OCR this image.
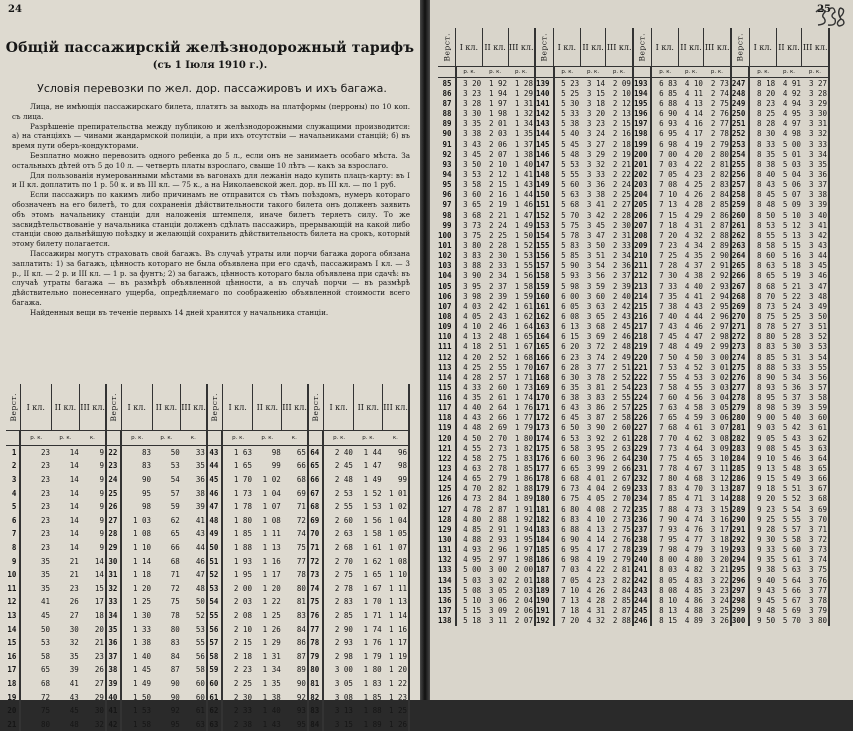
24
Общiй пассажирскiй желѣзнодорожный тарифъ
(съ 1 Iюля 1910 г.).
Условiя перевозки по жел. дор. пассажировъ и ихъ багажа.

Лица, не имѣющiя пассажирскаго билета, платятъ за выходъ на платформы (перроны) по 10 коп. съ лица.

Разрѣшенiе препирательства между публикою и желѣзнодорожными служащими производится: а) на станцiяхъ — чинами жандармской полицiи, а при ихъ отсутствiи — начальниками станцiй; б) въ время пути оберъ-кондукторами.

Безплатно можно перевозить одного ребенка до 5 л., если онъ не занимаетъ особаго мѣста. За остальныхъ дѣтей отъ 5 до 10 л. — четверть платы взрослаго, свыше 10 лѣтъ — какъ за взрослаго.

Для пользованiя нумерованными мѣстами въ вагонахъ для лежанiя надо купить плацъ-карту: въ I и II кл. доплатить по 1 р. 50 к. и въ III кл. — 75 к., а на Николаевской жел. дор. въ III кл. — по 1 руб.

Если пассажиръ по какимъ либо причинамъ не отправится съ тѣмъ поѣздомъ, нумеръ котораго обозначенъ на его билетѣ, то для сохраненiя дѣйствительности такого билета онъ долженъ заявить объ этомъ начальнику станцiи для наложенiя штемпеля, иначе билетъ теряетъ силу. То же засвидѣтельствованiе у начальника станцiи долженъ сдѣлать пассажиръ, прерывающiй на какой либо станцiи свою дальнѣйшую поѣздку и желающiй сохранить дѣйствительность билета на срокъ, который этому билету полагается.

Пассажиры могутъ страховать свой багажъ. Въ случаѣ утраты или порчи багажа дорога обязана заплатить: 1) за багажъ, цѣнность котораго не была объявлена при его сдачѣ, пассажирамъ I кл. — 3 р., II кл. — 2 р. и III кл. — 1 р. за фунтъ; 2) за багажъ, цѣнность котораго была объявлена при сдачѣ: въ случаѣ утраты багажа — въ размѣрѣ объявленной цѣнности, а въ случаѣ порчи — въ размѣрѣ дѣйствительно понесеннаго ущерба, опредѣляемаго по соображенiю объявленной стоимости всего багажа.

Найденныя вещи въ теченiе первыхъ 14 дней хранятся у начальника станцiи.

Верст.	I кл.	II кл.	III кл.	Верст.	I кл.	II кл.	III кл.	Верст.	I кл.	II кл.	III кл.	Верст.	I кл.	II кл.	III кл.
	р. к.	р. к.	к.		р. к.	р. к.	к.		р. к.	р. к.	к.		р. к.	р. к.	к.
1	23	14	9	22	83	50	33	43	1 63	98	65	64	2 40	1 44	96
2	23	14	9	23	83	53	35	44	1 65	99	66	65	2 45	1 47	98
3	23	14	9	24	90	54	36	45	1 70	1 02	68	66	2 48	1 49	99
4	23	14	9	25	95	57	38	46	1 73	1 04	69	67	2 53	1 52	1 01
5	23	14	9	26	98	59	39	47	1 78	1 07	71	68	2 55	1 53	1 02
6	23	14	9	27	1 03	62	41	48	1 80	1 08	72	69	2 60	1 56	1 04
7	23	14	9	28	1 08	65	43	49	1 85	1 11	74	70	2 63	1 58	1 05
8	23	14	9	29	1 10	66	44	50	1 88	1 13	75	71	2 68	1 61	1 07
9	35	21	14	30	1 14	68	46	51	1 93	1 16	77	72	2 70	1 62	1 08
10	35	21	14	31	1 18	71	47	52	1 95	1 17	78	73	2 75	1 65	1 10
11	35	23	15	32	1 20	72	48	53	2 00	1 20	80	74	2 78	1 67	1 11
12	41	26	17	33	1 25	75	50	54	2 03	1 22	81	75	2 83	1 70	1 13
13	45	27	18	34	1 30	78	52	55	2 08	1 25	83	76	2 85	1 71	1 14
14	50	30	20	35	1 33	80	53	56	2 10	1 26	84	77	2 90	1 74	1 16
15	53	32	21	36	1 38	83	55	57	2 15	1 29	86	78	2 93	1 76	1 17
16	58	35	23	37	1 40	84	56	58	2 18	1 31	87	79	2 98	1 79	1 19
17	65	39	26	38	1 45	87	58	59	2 23	1 34	89	80	3 00	1 80	1 20
18	68	41	27	39	1 49	90	60	60	2 25	1 35	90	81	3 05	1 83	1 22
19	72	43	29	40	1 50	90	60	61	2 30	1 38	92	82	3 08	1 85	1 23
20	75	45	30	41	1 53	92	61	62	2 33	1 40	93	83	3 13	1 88	1 25
21	80	48	32	42	1 58	95	63	63	2 38	1 43	95	84	3 15	1 89	1 26
25
Верст.	I кл.	II кл.	III кл.	Верст.	I кл.	II кл.	III кл.	Верст.	I кл.	II кл.	III кл.	Верст.	I кл.	II кл.	III кл.
	р. к.	р. к.	р. к.		р. к.	р. к.	р. к.		р. к.	р. к.	р. к.		р. к.	р. к.	р. к.
85	3 20	1 92	1 28	139	5 23	3 14	2 09	193	6 83	4 10	2 73	247	8 18	4 91	3 27
86	3 23	1 94	1 29	140	5 25	3 15	2 10	194	6 85	4 11	2 74	248	8 20	4 92	3 28
87	3 28	1 97	1 31	141	5 30	3 18	2 12	195	6 88	4 13	2 75	249	8 23	4 94	3 29
88	3 30	1 98	1 32	142	5 33	3 20	2 13	196	6 90	4 14	2 76	250	8 25	4 95	3 30
89	3 35	2 01	1 34	143	5 38	3 23	2 15	197	6 93	4 16	2 77	251	8 28	4 97	3 31
90	3 38	2 03	1 35	144	5 40	3 24	2 16	198	6 95	4 17	2 78	252	8 30	4 98	3 32
91	3 43	2 06	1 37	145	5 45	3 27	2 18	199	6 98	4 19	2 79	253	8 33	5 00	3 33
92	3 45	2 07	1 38	146	5 48	3 29	2 19	200	7 00	4 20	2 80	254	8 35	5 01	3 34
93	3 50	2 10	1 40	147	5 53	3 32	2 21	201	7 03	4 22	2 81	255	8 38	5 03	3 35
94	3 53	2 12	1 41	148	5 55	3 33	2 22	202	7 05	4 23	2 82	256	8 40	5 04	3 36
95	3 58	2 15	1 43	149	5 60	3 36	2 24	203	7 08	4 25	2 83	257	8 43	5 06	3 37
96	3 60	2 16	1 44	150	5 63	3 38	2 25	204	7 10	4 26	2 84	258	8 45	5 07	3 38
97	3 65	2 19	1 46	151	5 68	3 41	2 27	205	7 13	4 28	2 85	259	8 48	5 09	3 39
98	3 68	2 21	1 47	152	5 70	3 42	2 28	206	7 15	4 29	2 86	260	8 50	5 10	3 40
99	3 73	2 24	1 49	153	5 75	3 45	2 30	207	7 18	4 31	2 87	261	8 53	5 12	3 41
100	3 75	2 25	1 50	154	5 78	3 47	2 31	208	7 20	4 32	2 88	262	8 55	5 13	3 42
101	3 80	2 28	1 52	155	5 83	3 50	2 33	209	7 23	4 34	2 89	263	8 58	5 15	3 43
102	3 83	2 30	1 53	156	5 85	3 51	2 34	210	7 25	4 35	2 90	264	8 60	5 16	3 44
103	3 88	2 33	1 55	157	5 90	3 54	2 36	211	7 28	4 37	2 91	265	8 63	5 18	3 45
104	3 90	2 34	1 56	158	5 93	3 56	2 37	212	7 30	4 38	2 92	266	8 65	5 19	3 46
105	3 95	2 37	1 58	159	5 98	3 59	2 39	213	7 33	4 40	2 93	267	8 68	5 21	3 47
106	3 98	2 39	1 59	160	6 00	3 60	2 40	214	7 35	4 41	2 94	268	8 70	5 22	3 48
107	4 03	2 42	1 61	161	6 05	3 63	2 42	215	7 38	4 43	2 95	269	8 73	5 24	3 49
108	4 05	2 43	1 62	162	6 08	3 65	2 43	216	7 40	4 44	2 96	270	8 75	5 25	3 50
109	4 10	2 46	1 64	163	6 13	3 68	2 45	217	7 43	4 46	2 97	271	8 78	5 27	3 51
110	4 13	2 48	1 65	164	6 15	3 69	2 46	218	7 45	4 47	2 98	272	8 80	5 28	3 52
111	4 18	2 51	1 67	165	6 20	3 72	2 48	219	7 48	4 49	2 99	273	8 83	5 30	3 53
112	4 20	2 52	1 68	166	6 23	3 74	2 49	220	7 50	4 50	3 00	274	8 85	5 31	3 54
113	4 25	2 55	1 70	167	6 28	3 77	2 51	221	7 53	4 52	3 01	275	8 88	5 33	3 55
114	4 28	2 57	1 71	168	6 30	3 78	2 52	222	7 55	4 53	3 02	276	8 90	5 34	3 56
115	4 33	2 60	1 73	169	6 35	3 81	2 54	223	7 58	4 55	3 03	277	8 93	5 36	3 57
116	4 35	2 61	1 74	170	6 38	3 83	2 55	224	7 60	4 56	3 04	278	8 95	5 37	3 58
117	4 40	2 64	1 76	171	6 43	3 86	2 57	225	7 63	4 58	3 05	279	8 98	5 39	3 59
118	4 43	2 66	1 77	172	6 45	3 87	2 58	226	7 65	4 59	3 06	280	9 00	5 40	3 60
119	4 48	2 69	1 79	173	6 50	3 90	2 60	227	7 68	4 61	3 07	281	9 03	5 42	3 61
120	4 50	2 70	1 80	174	6 53	3 92	2 61	228	7 70	4 62	3 08	282	9 05	5 43	3 62
121	4 55	2 73	1 82	175	6 58	3 95	2 63	229	7 73	4 64	3 09	283	9 08	5 45	3 63
122	4 58	2 75	1 83	176	6 60	3 96	2 64	230	7 75	4 65	3 10	284	9 10	5 46	3 64
123	4 63	2 78	1 85	177	6 65	3 99	2 66	231	7 78	4 67	3 11	285	9 13	5 48	3 65
124	4 65	2 79	1 86	178	6 68	4 01	2 67	232	7 80	4 68	3 12	286	9 15	5 49	3 66
125	4 70	2 82	1 88	179	6 73	4 04	2 69	233	7 83	4 70	3 13	287	9 18	5 51	3 67
126	4 73	2 84	1 89	180	6 75	4 05	2 70	234	7 85	4 71	3 14	288	9 20	5 52	3 68
127	4 78	2 87	1 91	181	6 80	4 08	2 72	235	7 88	4 73	3 15	289	9 23	5 54	3 69
128	4 80	2 88	1 92	182	6 83	4 10	2 73	236	7 90	4 74	3 16	290	9 25	5 55	3 70
129	4 85	2 91	1 94	183	6 88	4 13	2 75	237	7 93	4 76	3 17	291	9 28	5 57	3 71
130	4 88	2 93	1 95	184	6 90	4 14	2 76	238	7 95	4 77	3 18	292	9 30	5 58	3 72
131	4 93	2 96	1 97	185	6 95	4 17	2 78	239	7 98	4 79	3 19	293	9 33	5 60	3 73
132	4 95	2 97	1 98	186	6 98	4 19	2 79	240	8 00	4 80	3 20	294	9 35	5 61	3 74
133	5 00	3 00	2 00	187	7 03	4 22	2 81	241	8 03	4 82	3 21	295	9 38	5 63	3 75
134	5 03	3 02	2 01	188	7 05	4 23	2 82	242	8 05	4 83	3 22	296	9 40	5 64	3 76
135	5 08	3 05	2 03	189	7 10	4 26	2 84	243	8 08	4 85	3 23	297	9 43	5 66	3 77
136	5 10	3 06	2 04	190	7 13	4 28	2 85	244	8 10	4 86	3 24	298	9 45	5 67	3 78
137	5 15	3 09	2 06	191	7 18	4 31	2 87	245	8 13	4 88	3 25	299	9 48	5 69	3 79
138	5 18	3 11	2 07	192	7 20	4 32	2 88	246	8 15	4 89	3 26	300	9 50	5 70	3 80
